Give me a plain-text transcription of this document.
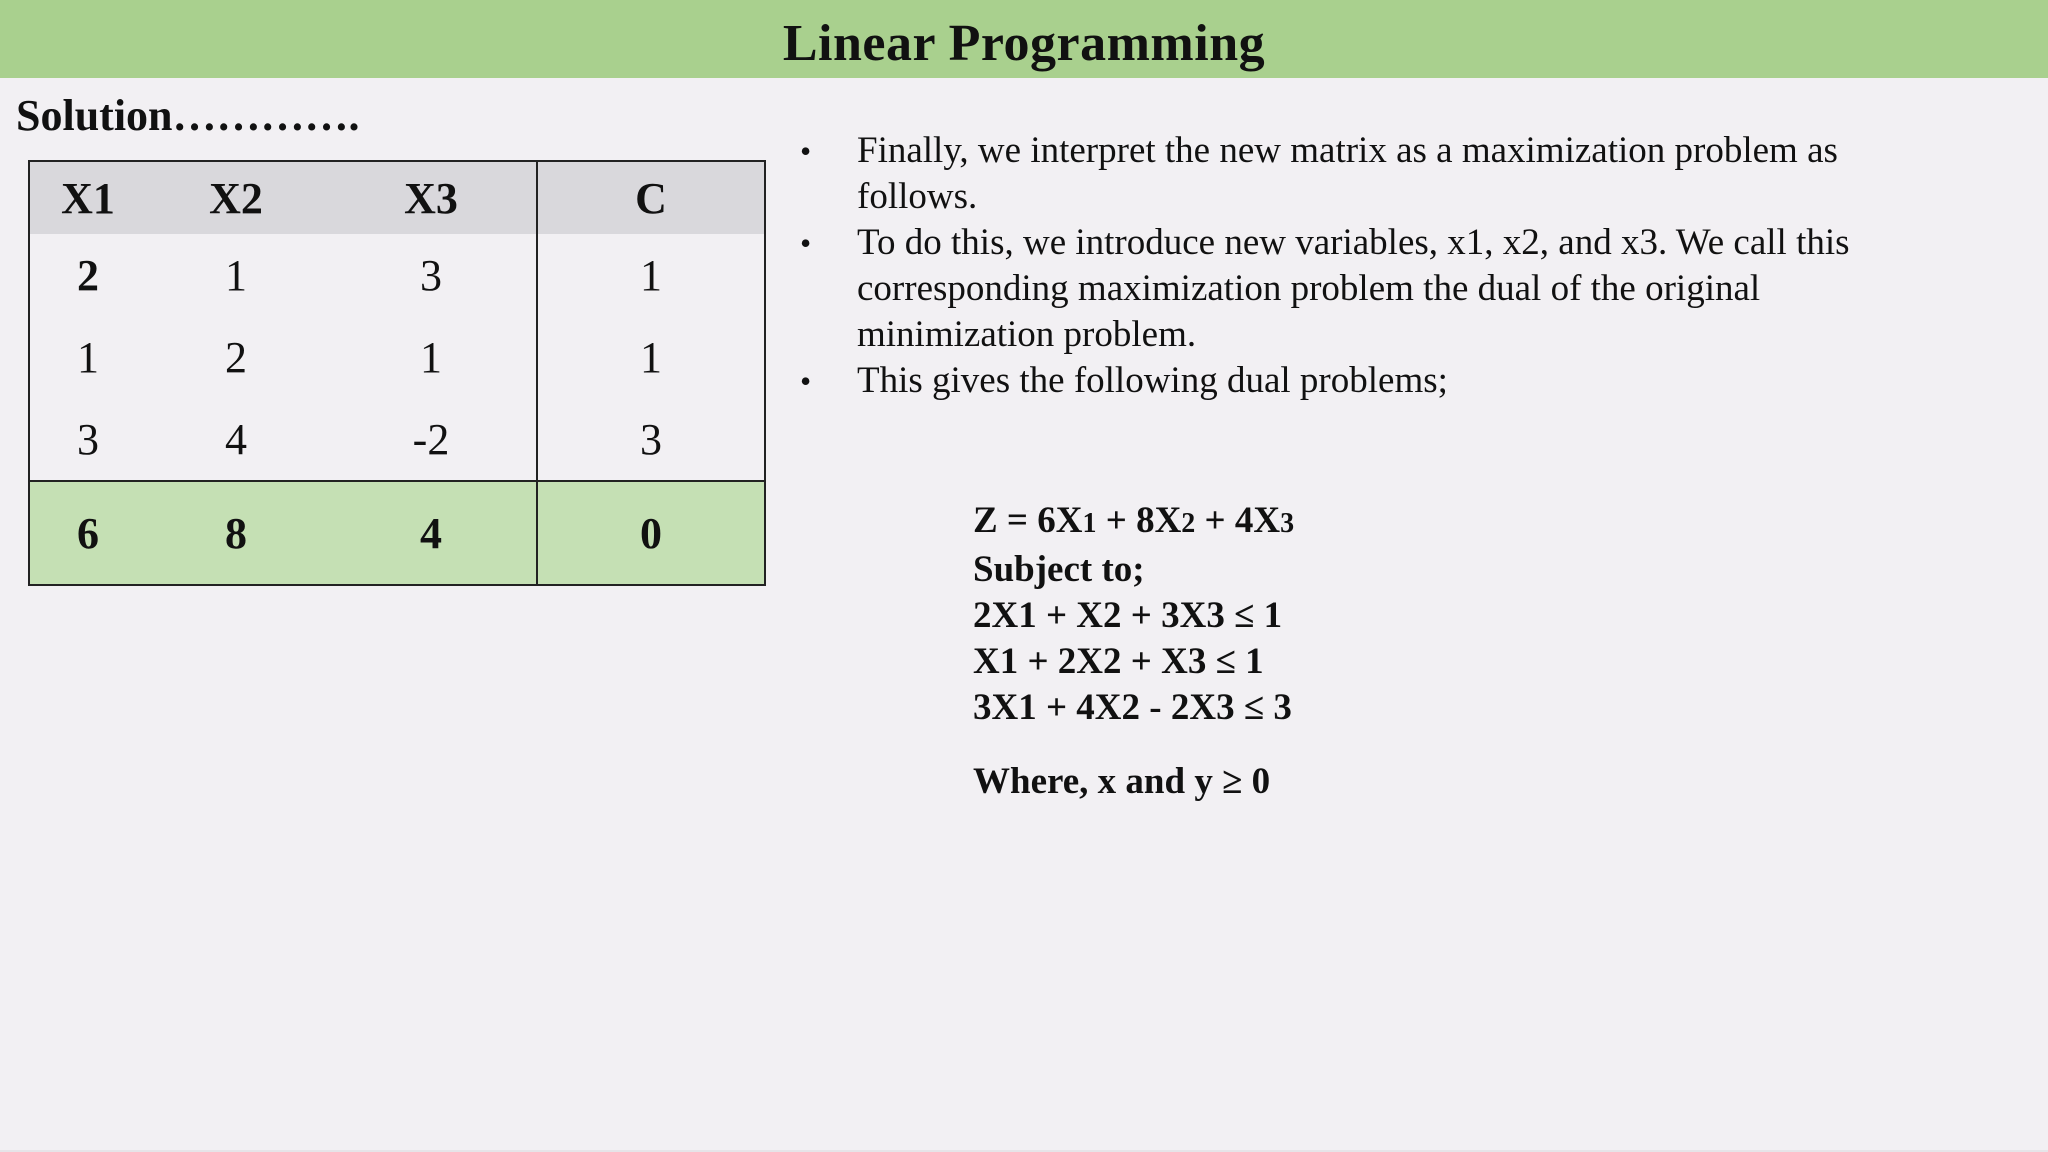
Linear Programming
Solution………….
X1	X2	X3	C
2	1	3	1
1	2	1	1
3	4	-2	3
6	8	4	0
• Finally, we interpret the new matrix as a maximization problem as follows.
• To do this, we introduce new variables, x1, x2, and x3. We call this corresponding maximization problem the dual of the original minimization problem.
• This gives the following dual problems;
Z = 6X1 + 8X2 + 4X3
Subject to;
2X1 + X2 + 3X3 ≤ 1
X1 + 2X2 + X3 ≤ 1
3X1 + 4X2 - 2X3 ≤ 3
Where, x and y ≥ 0
